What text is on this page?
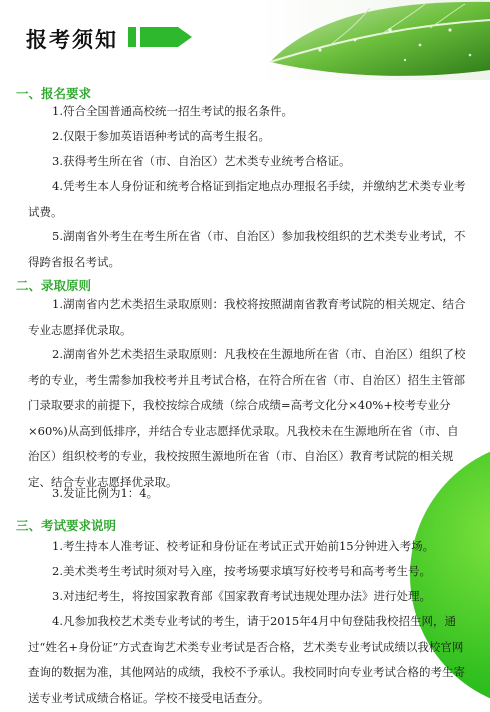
报考须知
一、报名要求
1.符合全国普通高校统一招生考试的报名条件。
2.仅限于参加英语语种考试的高考生报名。
3.获得考生所在省（市、自治区）艺术类专业统考合格证。
4.凭考生本人身份证和统考合格证到指定地点办理报名手续，并缴纳艺术类专业考试费。
5.湖南省外考生在考生所在省（市、自治区）参加我校组织的艺术类专业考试，不得跨省报名考试。
二、录取原则
1.湖南省内艺术类招生录取原则：我校将按照湖南省教育考试院的相关规定、结合专业志愿择优录取。
2.湖南省外艺术类招生录取原则：凡我校在生源地所在省（市、自治区）组织了校考的专业，考生需参加我校考并且考试合格，在符合所在省（市、自治区）招生主管部门录取要求的前提下，我校按综合成绩（综合成绩=高考文化分×40%+校考专业分×60%)从高到低排序，并结合专业志愿择优录取。凡我校未在生源地所在省（市、自治区）组织校考的专业，我校按照生源地所在省（市、自治区）教育考试院的相关规定、结合专业志愿择优录取。
3.发证比例为1：4。
三、考试要求说明
1.考生持本人准考证、校考证和身份证在考试正式开始前15分钟进入考场。
2.美术类考生考试时须对号入座，按考场要求填写好校考号和高考考生号。
3.对违纪考生，将按国家教育部《国家教育考试违规处理办法》进行处理。
4.凡参加我校艺术类专业考试的考生，请于2015年4月中旬登陆我校招生网，通过“姓名+身份证”方式查询艺术类专业考试是否合格，艺术类专业考试成绩以我校官网查询的数据为准，其他网站的成绩，我校不予承认。我校同时向专业考试合格的考生寄送专业考试成绩合格证。学校不接受电话查分。
